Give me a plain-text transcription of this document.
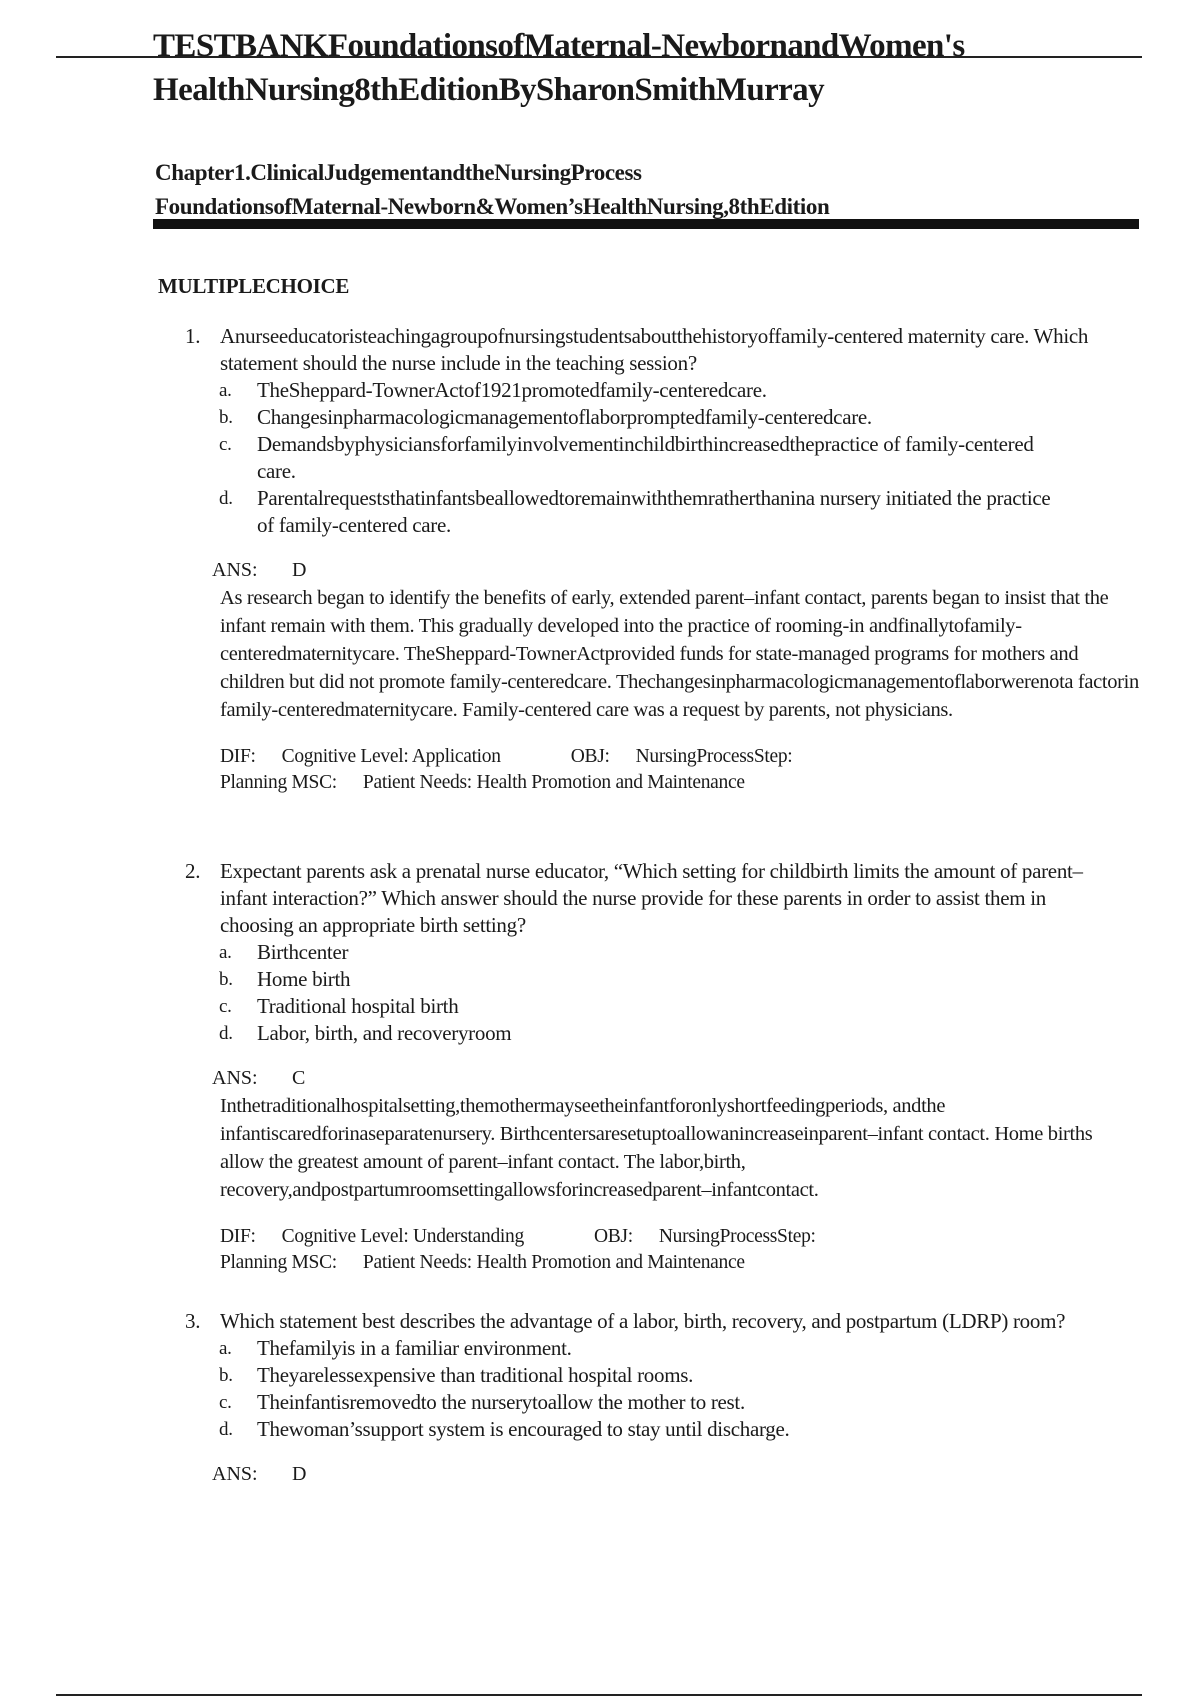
TESTBANKFoundationsofMaternal-NewbornandWomen's
HealthNursing8thEditionBySharonSmithMurray
Chapter1.ClinicalJudgementandtheNursingProcess
FoundationsofMaternal-Newborn&Women’sHealthNursing,8thEdition
MULTIPLECHOICE
1. Anurseeducatoristeachingagroupofnursingstudentsaboutthehistoryoffamily-centered maternity care. Which statement should the nurse include in the teaching session?
a. TheSheppard-TownerActof1921promotedfamily-centeredcare.
b. Changesinpharmacologicmanagementoflaborpromptedfamily-centeredcare.
c. Demandsbyphysiciansforfamilyinvolvementinchildbirthincreasedthepractice of family-centered care.
d. Parentalrequeststhatinfantsbeallowedtoremainwiththemratherthanina nursery initiated the practice of family-centered care.
ANS: D
As research began to identify the benefits of early, extended parent–infant contact, parents began to insist that the infant remain with them. This gradually developed into the practice of rooming-in andfinallytofamily-centeredmaternitycare. TheSheppard-TownerActprovided funds for state-managed programs for mothers and children but did not promote family-centeredcare. Thechangesinpharmacologicmanagementoflaborwerenota factorin family-centeredmaternitycare. Family-centered care was a request by parents, not physicians.
DIF: Cognitive Level: Application	OBJ: NursingProcessStep:
Planning MSC: Patient Needs: Health Promotion and Maintenance
2. Expectant parents ask a prenatal nurse educator, “Which setting for childbirth limits the amount of parent–infant interaction?” Which answer should the nurse provide for these parents in order to assist them in choosing an appropriate birth setting?
a. Birthcenter
b. Home birth
c. Traditional hospital birth
d. Labor, birth, and recoveryroom
ANS: C
Inthetraditionalhospitalsetting,themothermayseetheinfantforonlyshortfeedingperiods, andthe infantiscaredforinaseparatenursery. Birthcentersaresetuptoallowanincreaseinparent–infant contact. Home births allow the greatest amount of parent–infant contact. The labor,birth, recovery,andpostpartumroomsettingallowsforincreasedparent–infantcontact.
DIF: Cognitive Level: Understanding	OBJ: NursingProcessStep:
Planning MSC: Patient Needs: Health Promotion and Maintenance
3. Which statement best describes the advantage of a labor, birth, recovery, and postpartum (LDRP) room?
a. Thefamilyis in a familiar environment.
b. Theyarelessexpensive than traditional hospital rooms.
c. Theinfantisremovedto the nurserytoallow the mother to rest.
d. Thewoman’ssupport system is encouraged to stay until discharge.
ANS: D
